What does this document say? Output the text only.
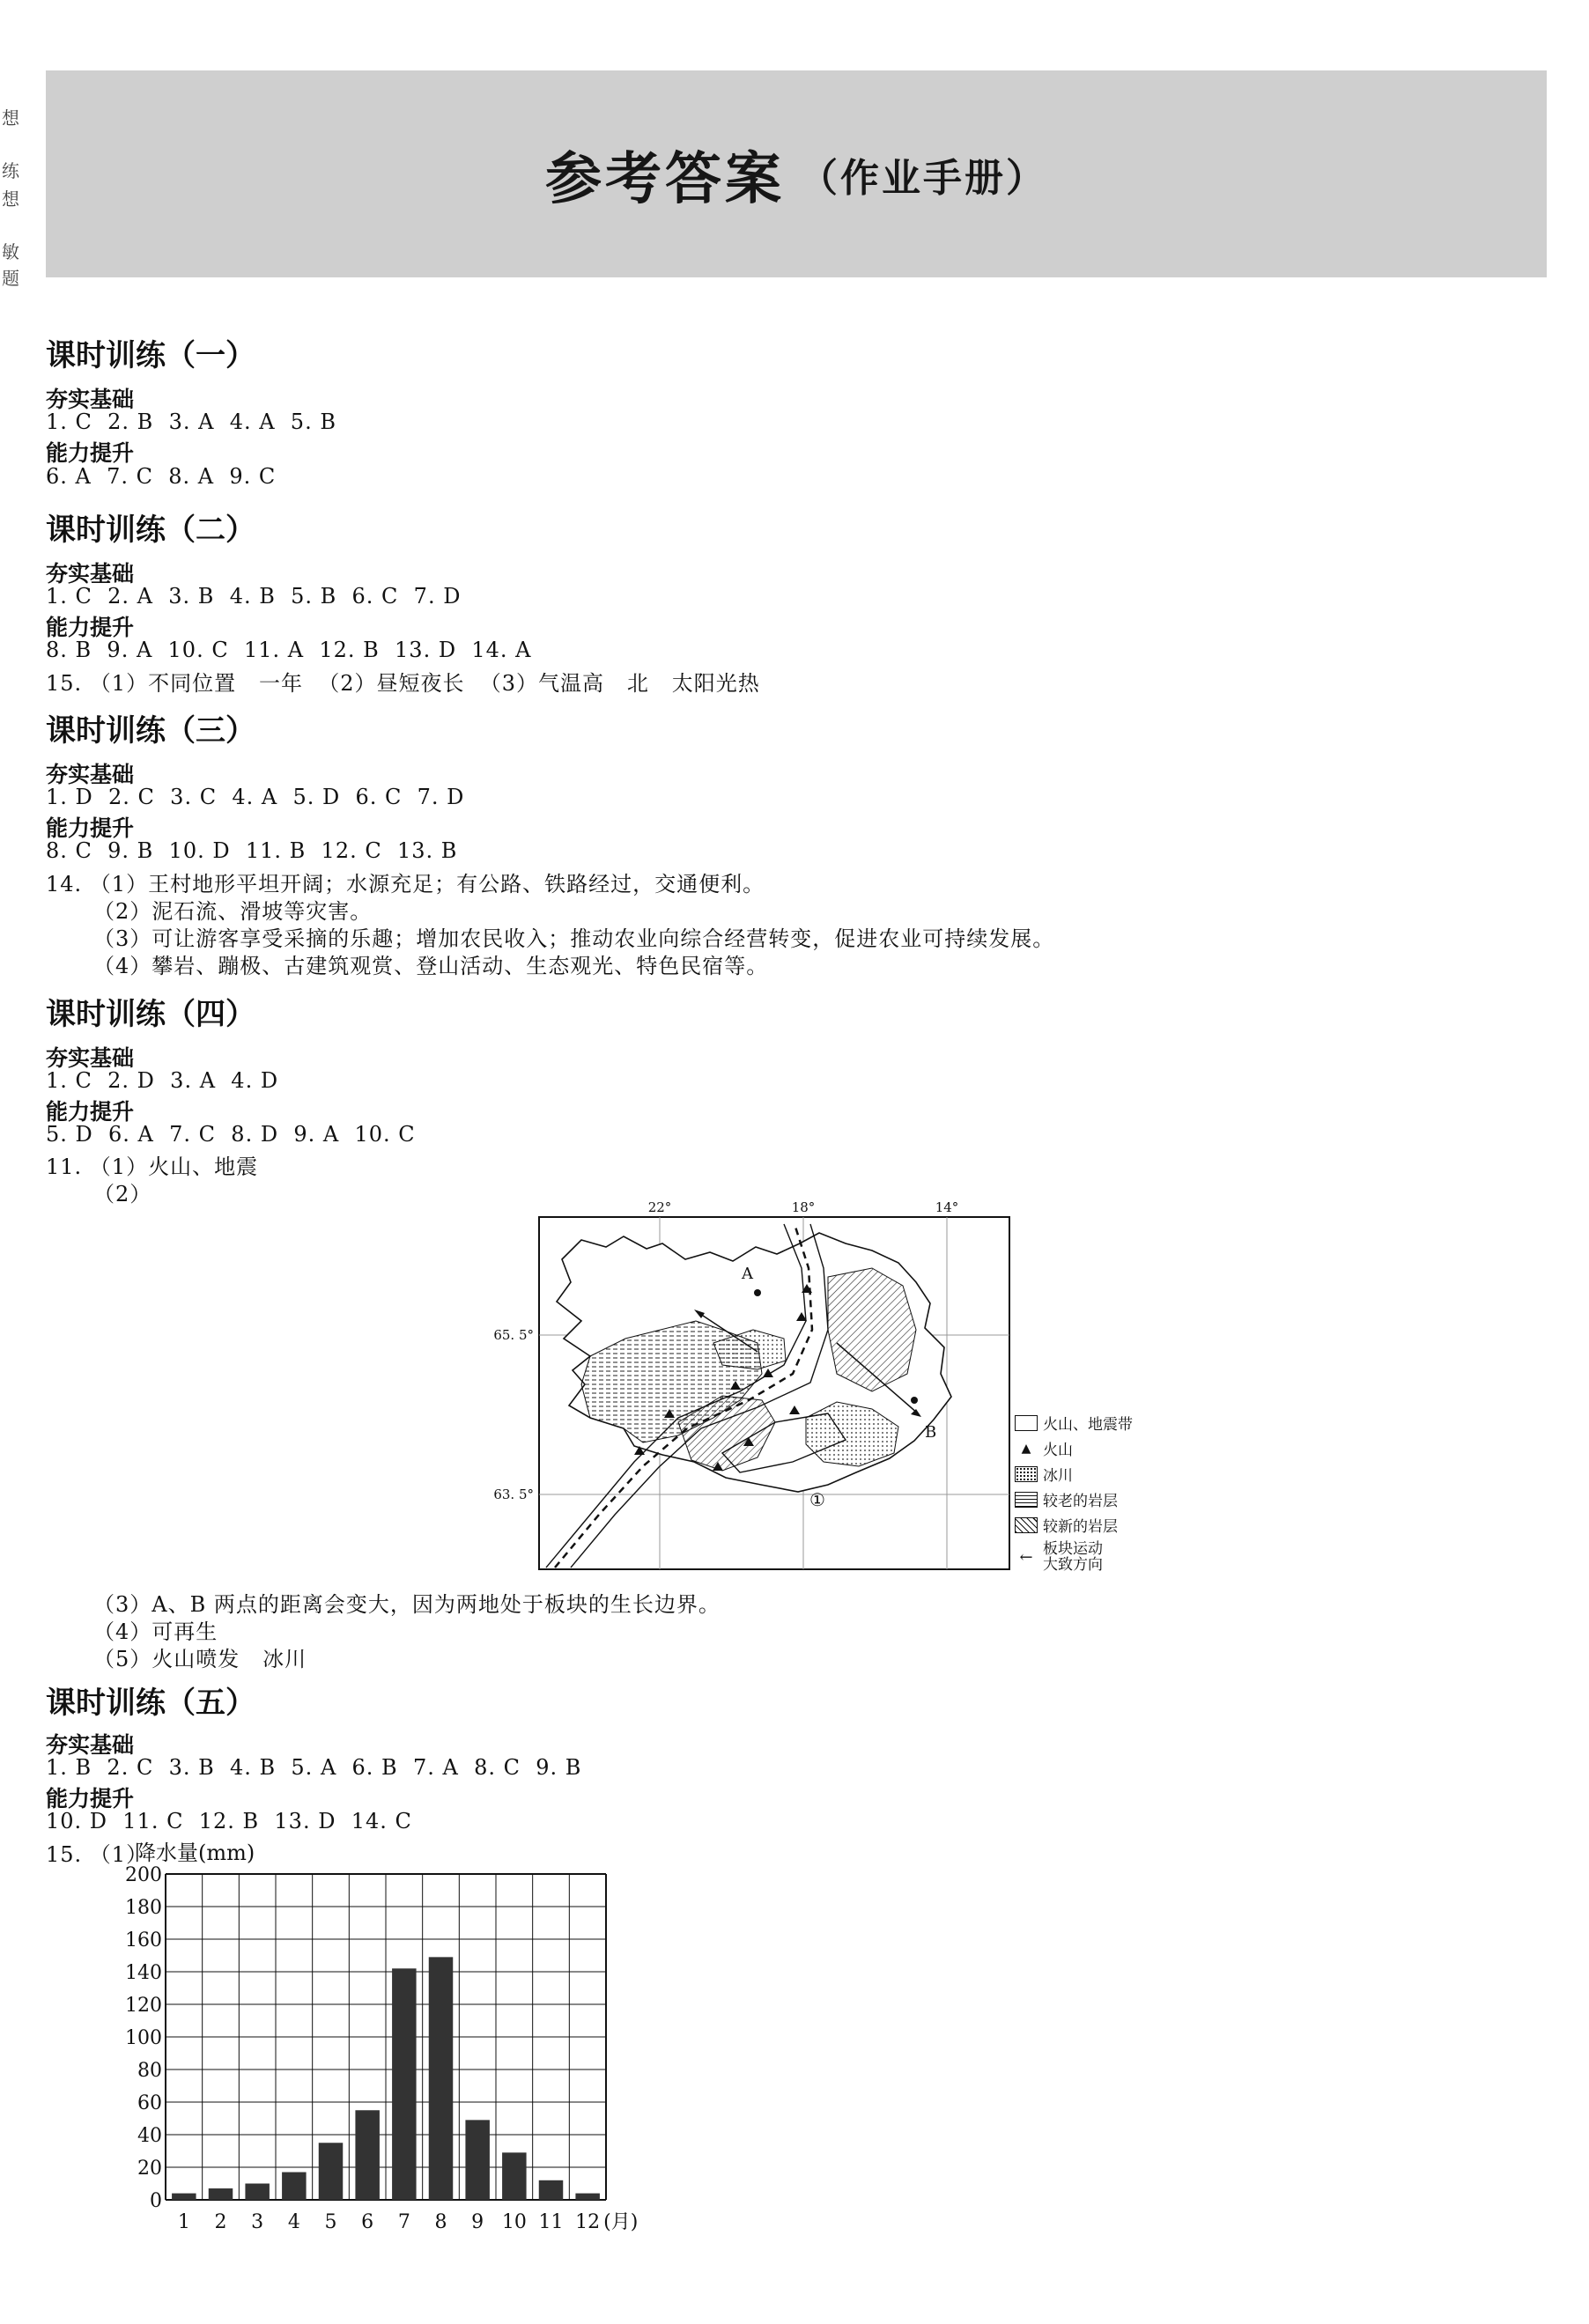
想
练
想
敏
题
参考答案 （作业手册）
课时训练（一）
夯实基础
1. C  2. B  3. A  4. A  5. B
能力提升
6. A  7. C  8. A  9. C
课时训练（二）
夯实基础
1. C  2. A  3. B  4. B  5. B  6. C  7. D
能力提升
8. B  9. A  10. C  11. A  12. B  13. D  14. A
15. （1）不同位置   一年  （2）昼短夜长  （3）气温高   北   太阳光热
课时训练（三）
夯实基础
1. D  2. C  3. C  4. A  5. D  6. C  7. D
能力提升
8. C  9. B  10. D  11. B  12. C  13. B
14. （1）王村地形平坦开阔；水源充足；有公路、铁路经过，交通便利。
（2）泥石流、滑坡等灾害。
（3）可让游客享受采摘的乐趣；增加农民收入；推动农业向综合经营转变，促进农业可持续发展。
（4）攀岩、蹦极、古建筑观赏、登山活动、生态观光、特色民宿等。
课时训练（四）
夯实基础
1. C  2. D  3. A  4. D
能力提升
5. D  6. A  7. C  8. D  9. A  10. C
11. （1）火山、地震
（2）
22°	18°	14°
65. 5°
63. 5°
A
B
①
火山、地震带
▲ 火山
冰川
较老的岩层
较新的岩层
← 板块运动
大致方向
（3）A、B 两点的距离会变大，因为两地处于板块的生长边界。
（4）可再生
（5）火山喷发   冰川
课时训练（五）
夯实基础
1. B  2. C  3. B  4. B  5. A  6. B  7. A  8. C  9. B
能力提升
10. D  11. C  12. B  13. D  14. C
15. （1）
降水量(mm)
0
20
40
60
80
100
120
140
160
180
200
1 2 3 4 5 6 7 8 9 10 11 12 (月)
